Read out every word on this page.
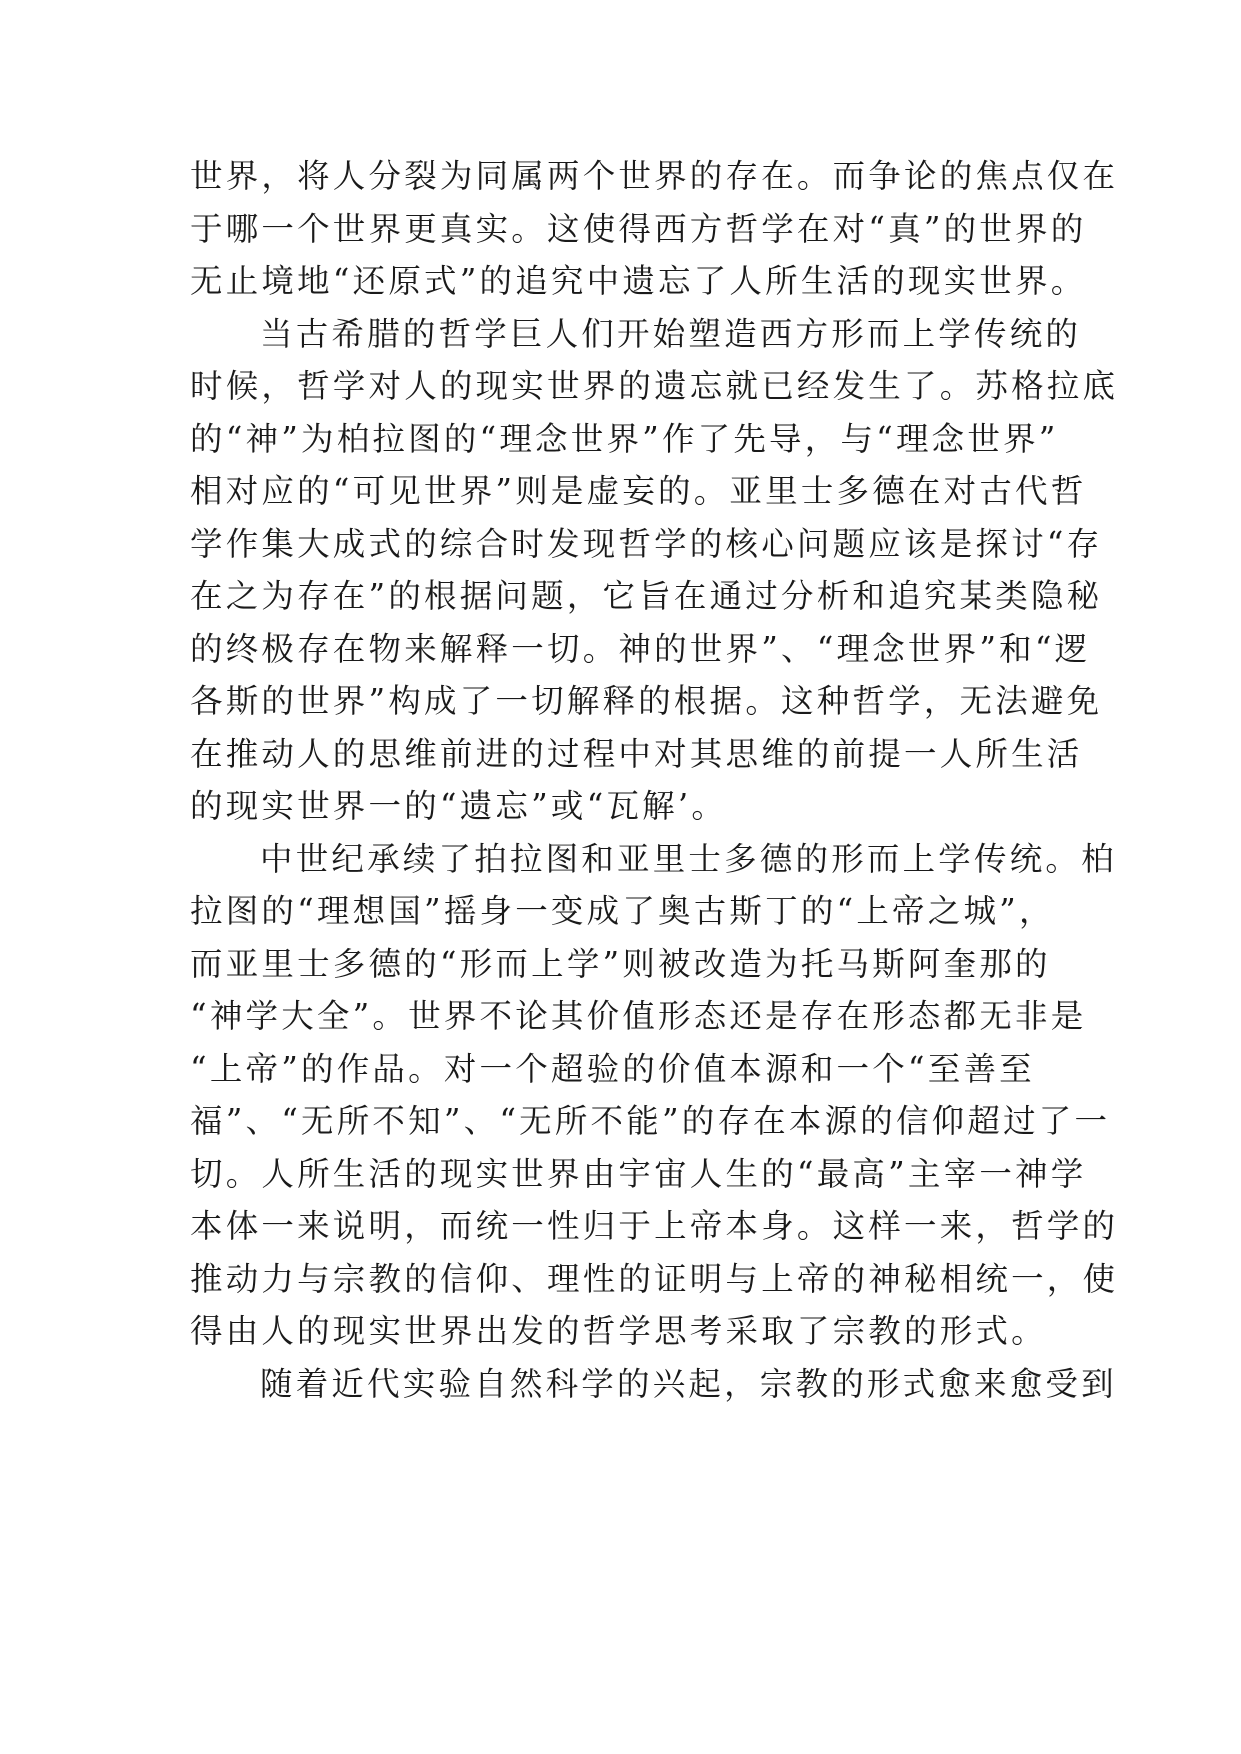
世界，将人分裂为同属两个世界的存在。而争论的焦点仅在
于哪一个世界更真实。这使得西方哲学在对“真”的世界的
无止境地“还原式”的追究中遗忘了人所生活的现实世界。
当古希腊的哲学巨人们开始塑造西方形而上学传统的
时候，哲学对人的现实世界的遗忘就已经发生了。苏格拉底
的“神”为柏拉图的“理念世界”作了先导，与“理念世界”
相对应的“可见世界”则是虚妄的。亚里士多德在对古代哲
学作集大成式的综合时发现哲学的核心问题应该是探讨“存
在之为存在”的根据问题，它旨在通过分析和追究某类隐秘
的终极存在物来解释一切。神的世界”、“理念世界”和“逻
各斯的世界”构成了一切解释的根据。这种哲学，无法避免
在推动人的思维前进的过程中对其思维的前提一人所生活
的现实世界一的“遗忘”或“瓦解’。
中世纪承续了拍拉图和亚里士多德的形而上学传统。柏
拉图的“理想国”摇身一变成了奥古斯丁的“上帝之城”，
而亚里士多德的“形而上学”则被改造为托马斯阿奎那的
“神学大全”。世界不论其价值形态还是存在形态都无非是
“上帝”的作品。对一个超验的价值本源和一个“至善至
福”、“无所不知”、“无所不能”的存在本源的信仰超过了一
切。人所生活的现实世界由宇宙人生的“最高”主宰一神学
本体一来说明，而统一性归于上帝本身。这样一来，哲学的
推动力与宗教的信仰、理性的证明与上帝的神秘相统一，使
得由人的现实世界出发的哲学思考采取了宗教的形式。
随着近代实验自然科学的兴起，宗教的形式愈来愈受到
